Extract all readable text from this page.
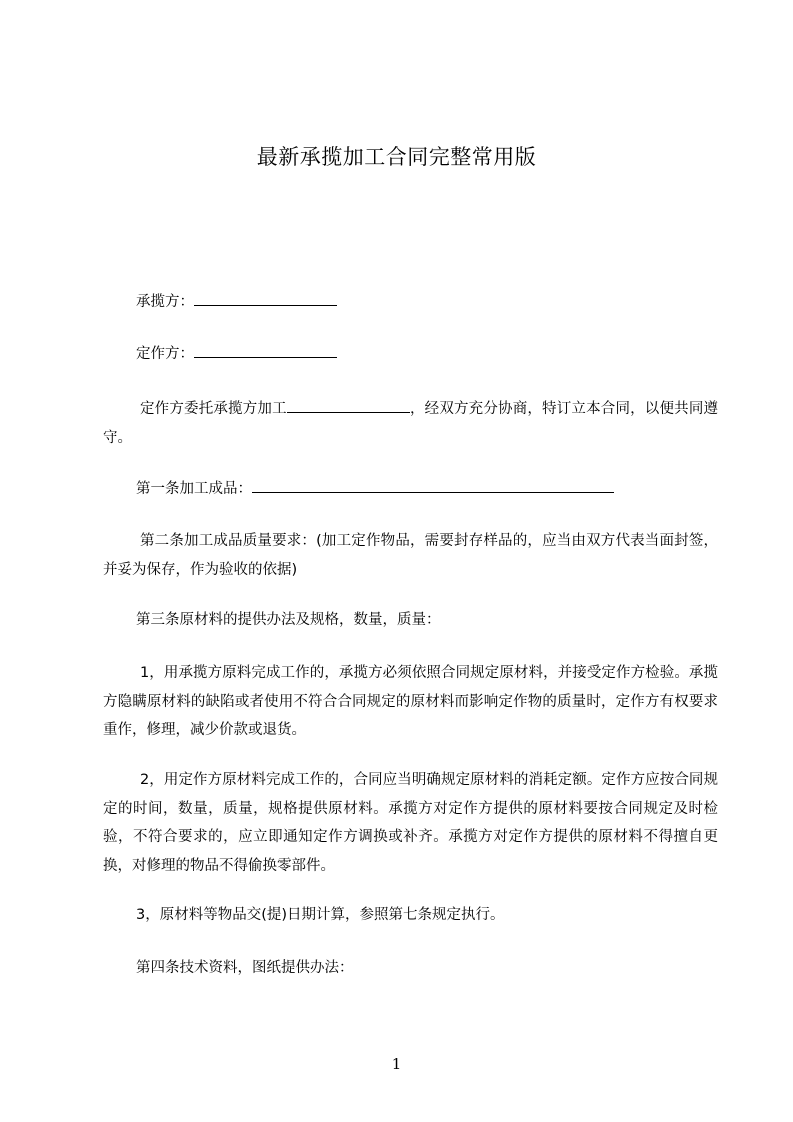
最新承揽加工合同完整常用版
承揽方：
定作方：
定作方委托承揽方加工	，经双方充分协商，特订立本合同，以便共同遵守。
第一条加工成品：
第二条加工成品质量要求：(加工定作物品，需要封存样品的，应当由双方代表当面封签，并妥为保存，作为验收的依据)
第三条原材料的提供办法及规格，数量，质量：
1，用承揽方原料完成工作的，承揽方必须依照合同规定原材料，并接受定作方检验。承揽方隐瞒原材料的缺陷或者使用不符合合同规定的原材料而影响定作物的质量时，定作方有权要求重作，修理，减少价款或退货。
2，用定作方原材料完成工作的，合同应当明确规定原材料的消耗定额。定作方应按合同规定的时间，数量，质量，规格提供原材料。承揽方对定作方提供的原材料要按合同规定及时检验，不符合要求的，应立即通知定作方调换或补齐。承揽方对定作方提供的原材料不得擅自更换，对修理的物品不得偷换零部件。
3，原材料等物品交(提)日期计算，参照第七条规定执行。
第四条技术资料，图纸提供办法：
1
